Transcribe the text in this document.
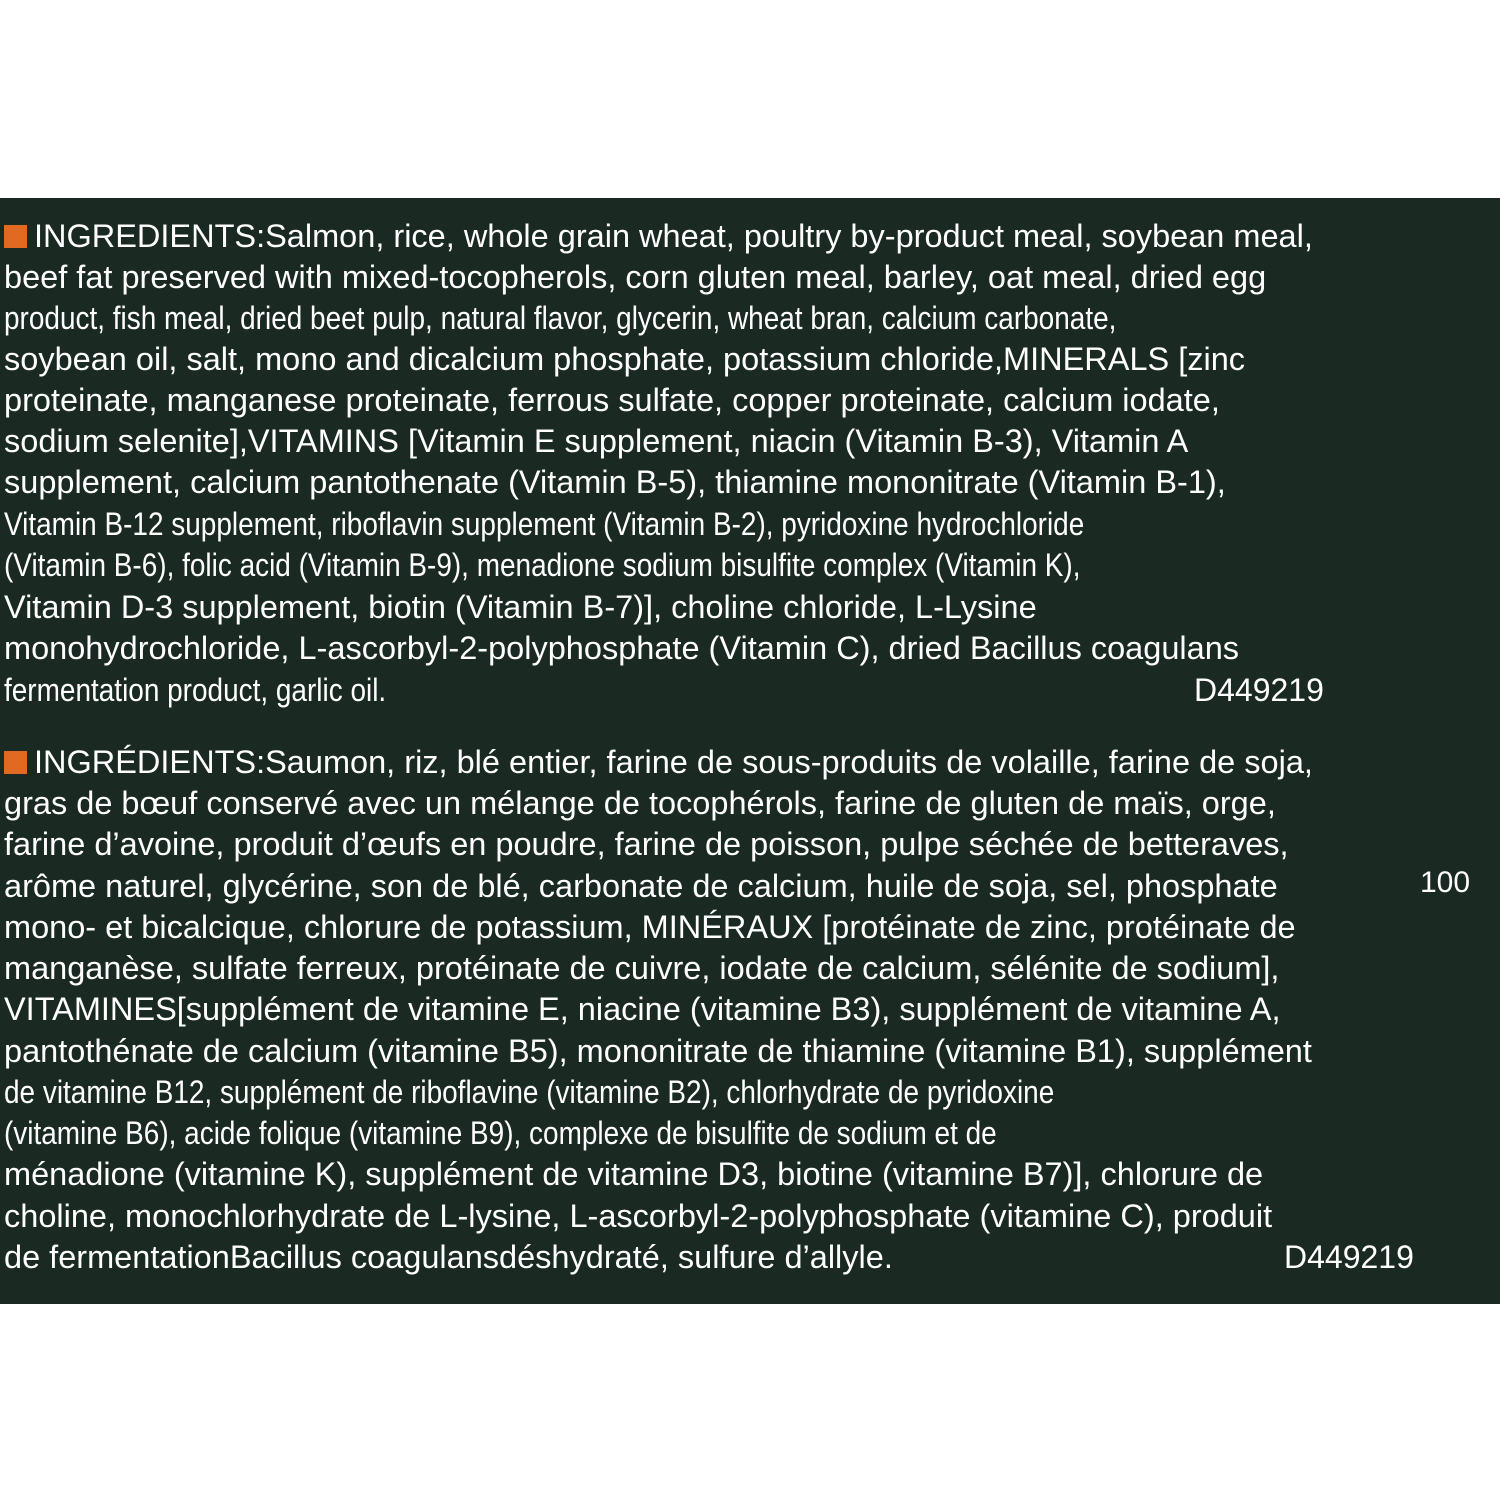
INGREDIENTS:Salmon, rice, whole grain wheat, poultry by-product meal, soybean meal,
beef fat preserved with mixed-tocopherols, corn gluten meal, barley, oat meal, dried egg
product, fish meal, dried beet pulp, natural flavor, glycerin, wheat bran, calcium carbonate,
soybean oil, salt, mono and dicalcium phosphate, potassium chloride,MINERALS [zinc
proteinate, manganese proteinate, ferrous sulfate, copper proteinate, calcium iodate,
sodium selenite],VITAMINS [Vitamin E supplement, niacin (Vitamin B-3), Vitamin A
supplement, calcium pantothenate (Vitamin B-5), thiamine mononitrate (Vitamin B-1),
Vitamin B-12 supplement, riboflavin supplement (Vitamin B-2), pyridoxine hydrochloride
(Vitamin B-6), folic acid (Vitamin B-9), menadione sodium bisulfite complex (Vitamin K),
Vitamin D-3 supplement, biotin (Vitamin B-7)], choline chloride, L-Lysine
monohydrochloride, L-ascorbyl-2-polyphosphate (Vitamin C), dried Bacillus coagulans
fermentation product, garlic oil.	D449219
INGRÉDIENTS:Saumon, riz, blé entier, farine de sous-produits de volaille, farine de soja,
gras de bœuf conservé avec un mélange de tocophérols, farine de gluten de maïs, orge,
farine d’avoine, produit d’œufs en poudre, farine de poisson, pulpe séchée de betteraves,
arôme naturel, glycérine, son de blé, carbonate de calcium, huile de soja, sel, phosphate	100
mono- et bicalcique, chlorure de potassium, MINÉRAUX [protéinate de zinc, protéinate de
manganèse, sulfate ferreux, protéinate de cuivre, iodate de calcium, sélénite de sodium],
VITAMINES[supplément de vitamine E, niacine (vitamine B3), supplément de vitamine A,
pantothénate de calcium (vitamine B5), mononitrate de thiamine (vitamine B1), supplément
de vitamine B12, supplément de riboflavine (vitamine B2), chlorhydrate de pyridoxine
(vitamine B6), acide folique (vitamine B9), complexe de bisulfite de sodium et de
ménadione (vitamine K), supplément de vitamine D3, biotine (vitamine B7)], chlorure de
choline, monochlorhydrate de L-lysine, L-ascorbyl-2-polyphosphate (vitamine C), produit
de fermentationBacillus coagulansdéshydraté, sulfure d’allyle.	D449219
